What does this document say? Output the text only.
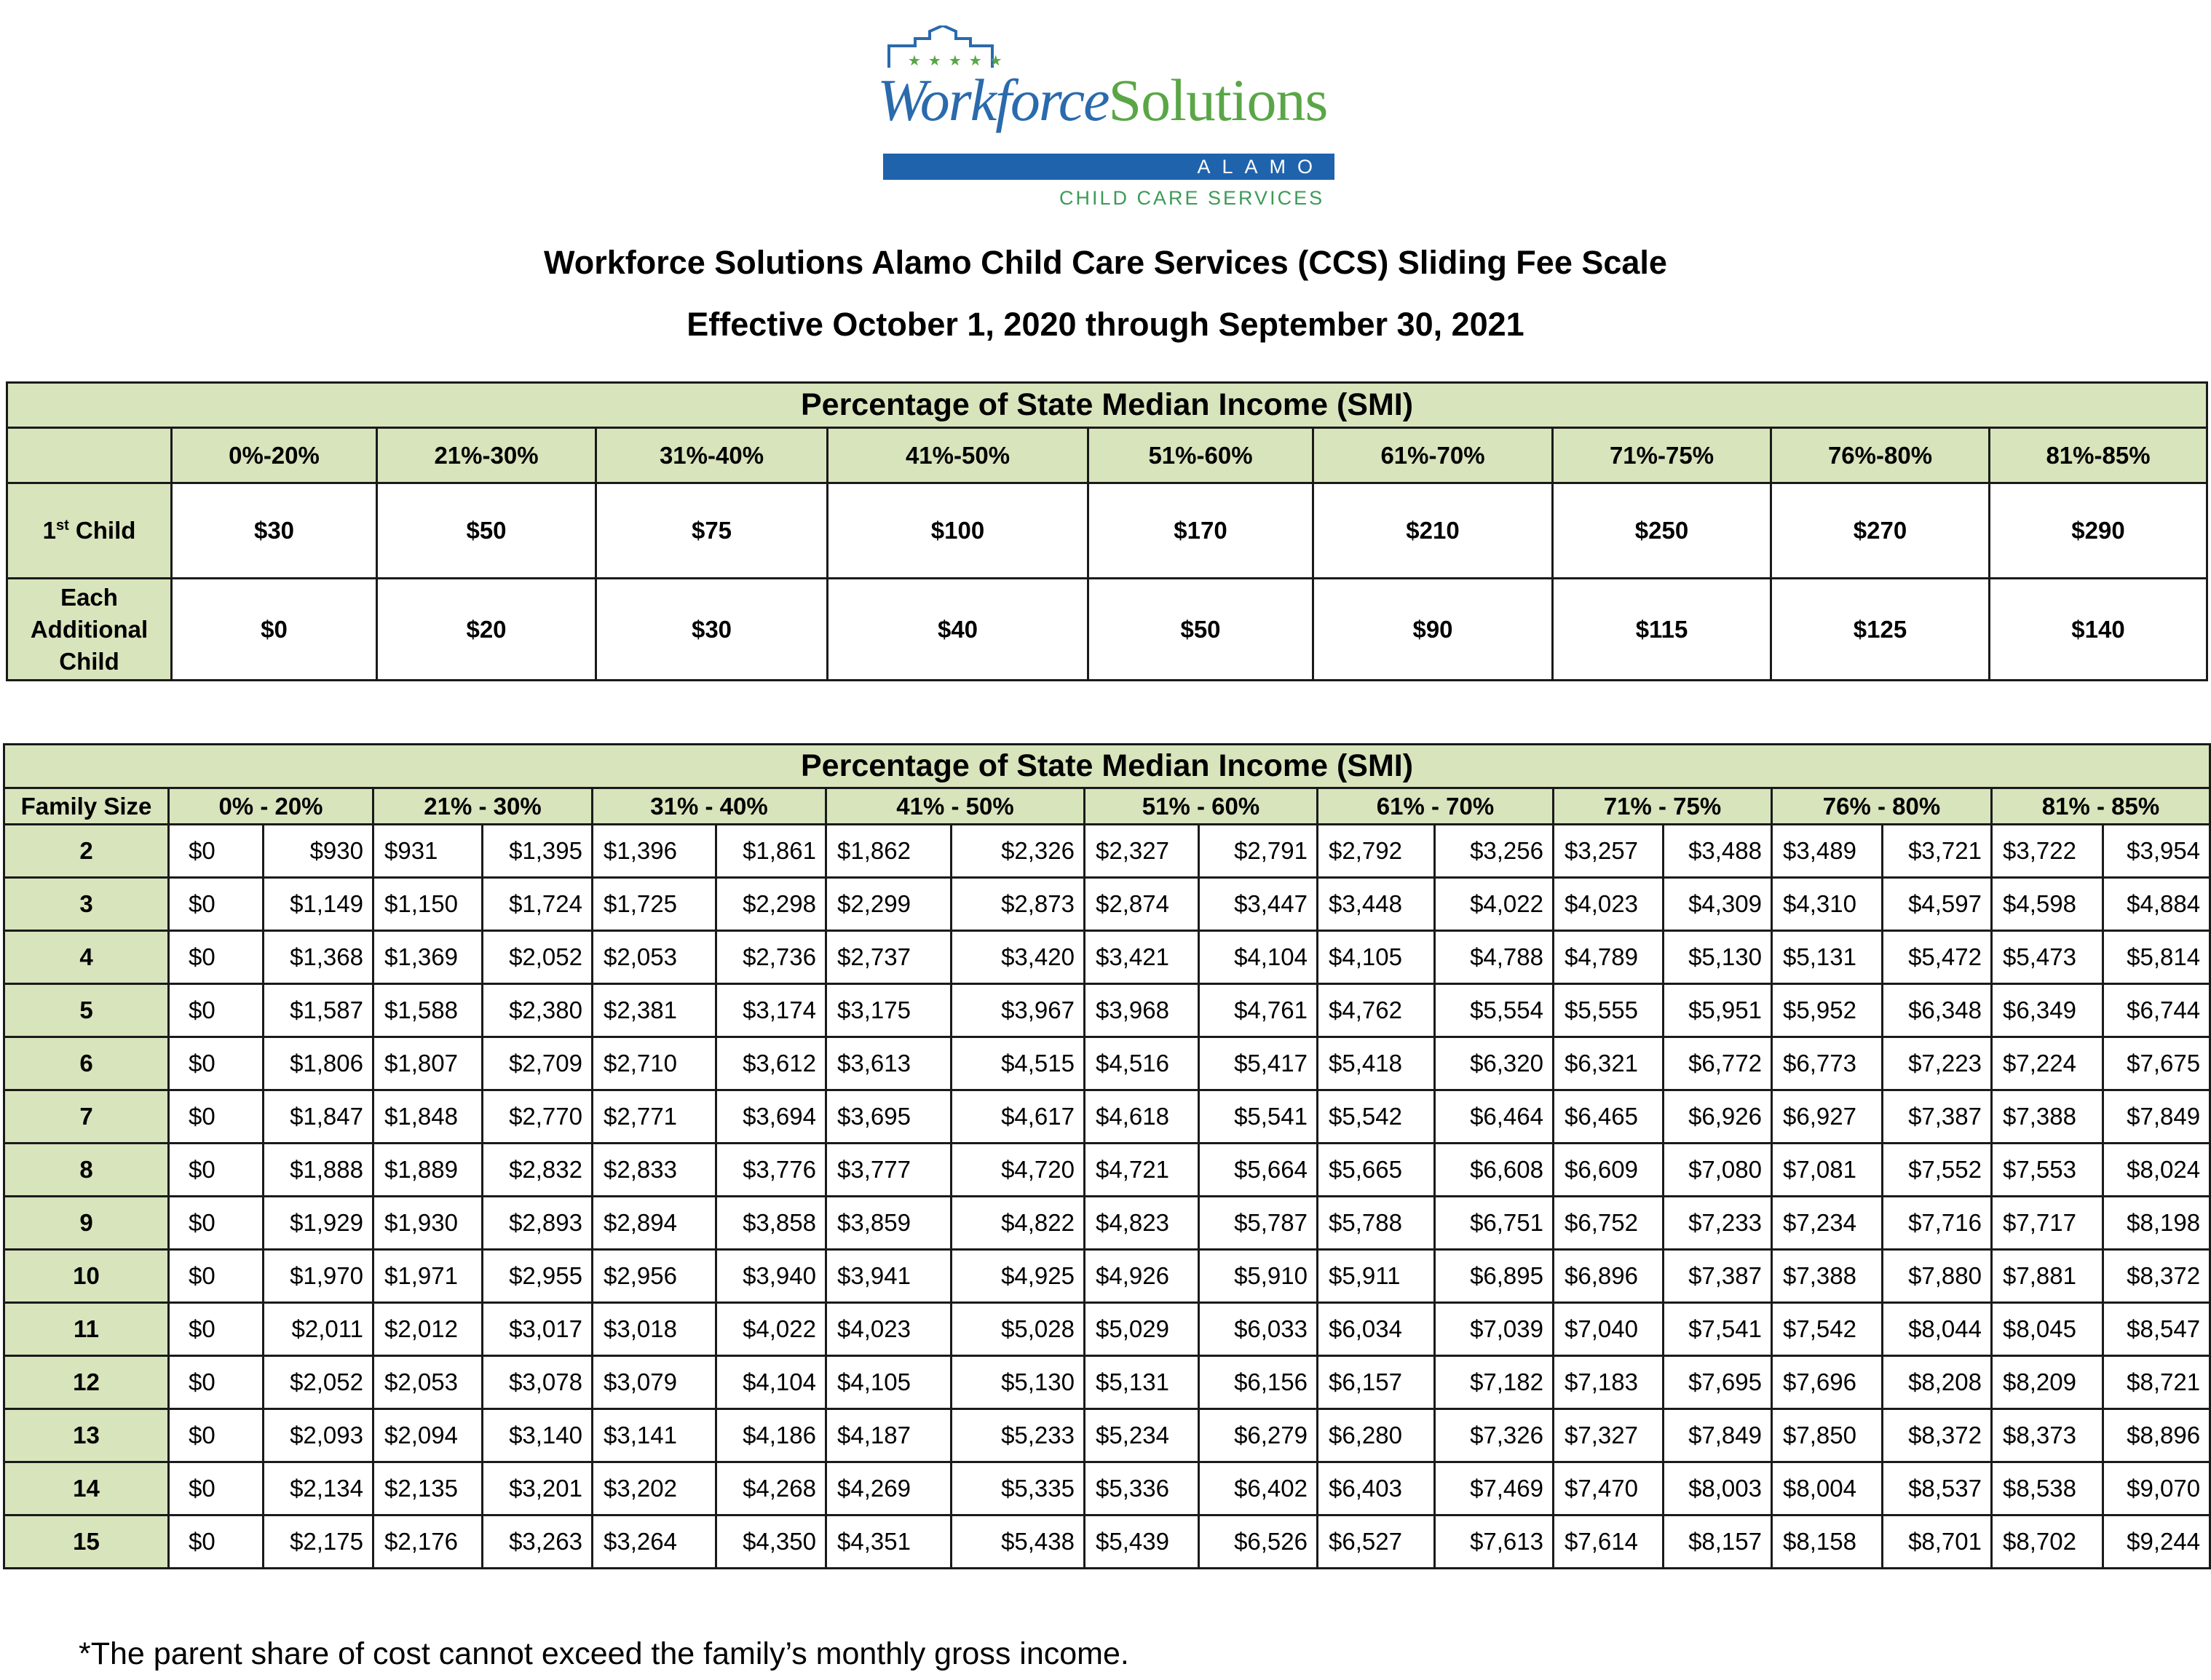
★★★★★
WorkforceSolutions
ALAMO
CHILD CARE SERVICES
Workforce Solutions Alamo Child Care Services (CCS) Sliding Fee Scale
Effective October 1, 2020 through September 30, 2021
Percentage of State Median Income (SMI)									
	0%-20%	21%-30%	31%-40%	41%-50%	51%-60%	61%-70%	71%-75%	76%-80%	81%-85%
1st Child	$30	$50	$75	$100	$170	$210	$250	$270	$290
Each
Additional
Child	$0	$20	$30	$40	$50	$90	$115	$125	$140
Percentage of State Median Income (SMI)																		
Family Size	0% - 20%		21% - 30%		31% - 40%		41% - 50%		51% - 60%		61% - 70%		71% - 75%		76% - 80%		81% - 85%	
2	$0	$930	$931	$1,395	$1,396	$1,861	$1,862	$2,326	$2,327	$2,791	$2,792	$3,256	$3,257	$3,488	$3,489	$3,721	$3,722	$3,954
3	$0	$1,149	$1,150	$1,724	$1,725	$2,298	$2,299	$2,873	$2,874	$3,447	$3,448	$4,022	$4,023	$4,309	$4,310	$4,597	$4,598	$4,884
4	$0	$1,368	$1,369	$2,052	$2,053	$2,736	$2,737	$3,420	$3,421	$4,104	$4,105	$4,788	$4,789	$5,130	$5,131	$5,472	$5,473	$5,814
5	$0	$1,587	$1,588	$2,380	$2,381	$3,174	$3,175	$3,967	$3,968	$4,761	$4,762	$5,554	$5,555	$5,951	$5,952	$6,348	$6,349	$6,744
6	$0	$1,806	$1,807	$2,709	$2,710	$3,612	$3,613	$4,515	$4,516	$5,417	$5,418	$6,320	$6,321	$6,772	$6,773	$7,223	$7,224	$7,675
7	$0	$1,847	$1,848	$2,770	$2,771	$3,694	$3,695	$4,617	$4,618	$5,541	$5,542	$6,464	$6,465	$6,926	$6,927	$7,387	$7,388	$7,849
8	$0	$1,888	$1,889	$2,832	$2,833	$3,776	$3,777	$4,720	$4,721	$5,664	$5,665	$6,608	$6,609	$7,080	$7,081	$7,552	$7,553	$8,024
9	$0	$1,929	$1,930	$2,893	$2,894	$3,858	$3,859	$4,822	$4,823	$5,787	$5,788	$6,751	$6,752	$7,233	$7,234	$7,716	$7,717	$8,198
10	$0	$1,970	$1,971	$2,955	$2,956	$3,940	$3,941	$4,925	$4,926	$5,910	$5,911	$6,895	$6,896	$7,387	$7,388	$7,880	$7,881	$8,372
11	$0	$2,011	$2,012	$3,017	$3,018	$4,022	$4,023	$5,028	$5,029	$6,033	$6,034	$7,039	$7,040	$7,541	$7,542	$8,044	$8,045	$8,547
12	$0	$2,052	$2,053	$3,078	$3,079	$4,104	$4,105	$5,130	$5,131	$6,156	$6,157	$7,182	$7,183	$7,695	$7,696	$8,208	$8,209	$8,721
13	$0	$2,093	$2,094	$3,140	$3,141	$4,186	$4,187	$5,233	$5,234	$6,279	$6,280	$7,326	$7,327	$7,849	$7,850	$8,372	$8,373	$8,896
14	$0	$2,134	$2,135	$3,201	$3,202	$4,268	$4,269	$5,335	$5,336	$6,402	$6,403	$7,469	$7,470	$8,003	$8,004	$8,537	$8,538	$9,070
15	$0	$2,175	$2,176	$3,263	$3,264	$4,350	$4,351	$5,438	$5,439	$6,526	$6,527	$7,613	$7,614	$8,157	$8,158	$8,701	$8,702	$9,244
*The parent share of cost cannot exceed the family’s monthly gross income.
